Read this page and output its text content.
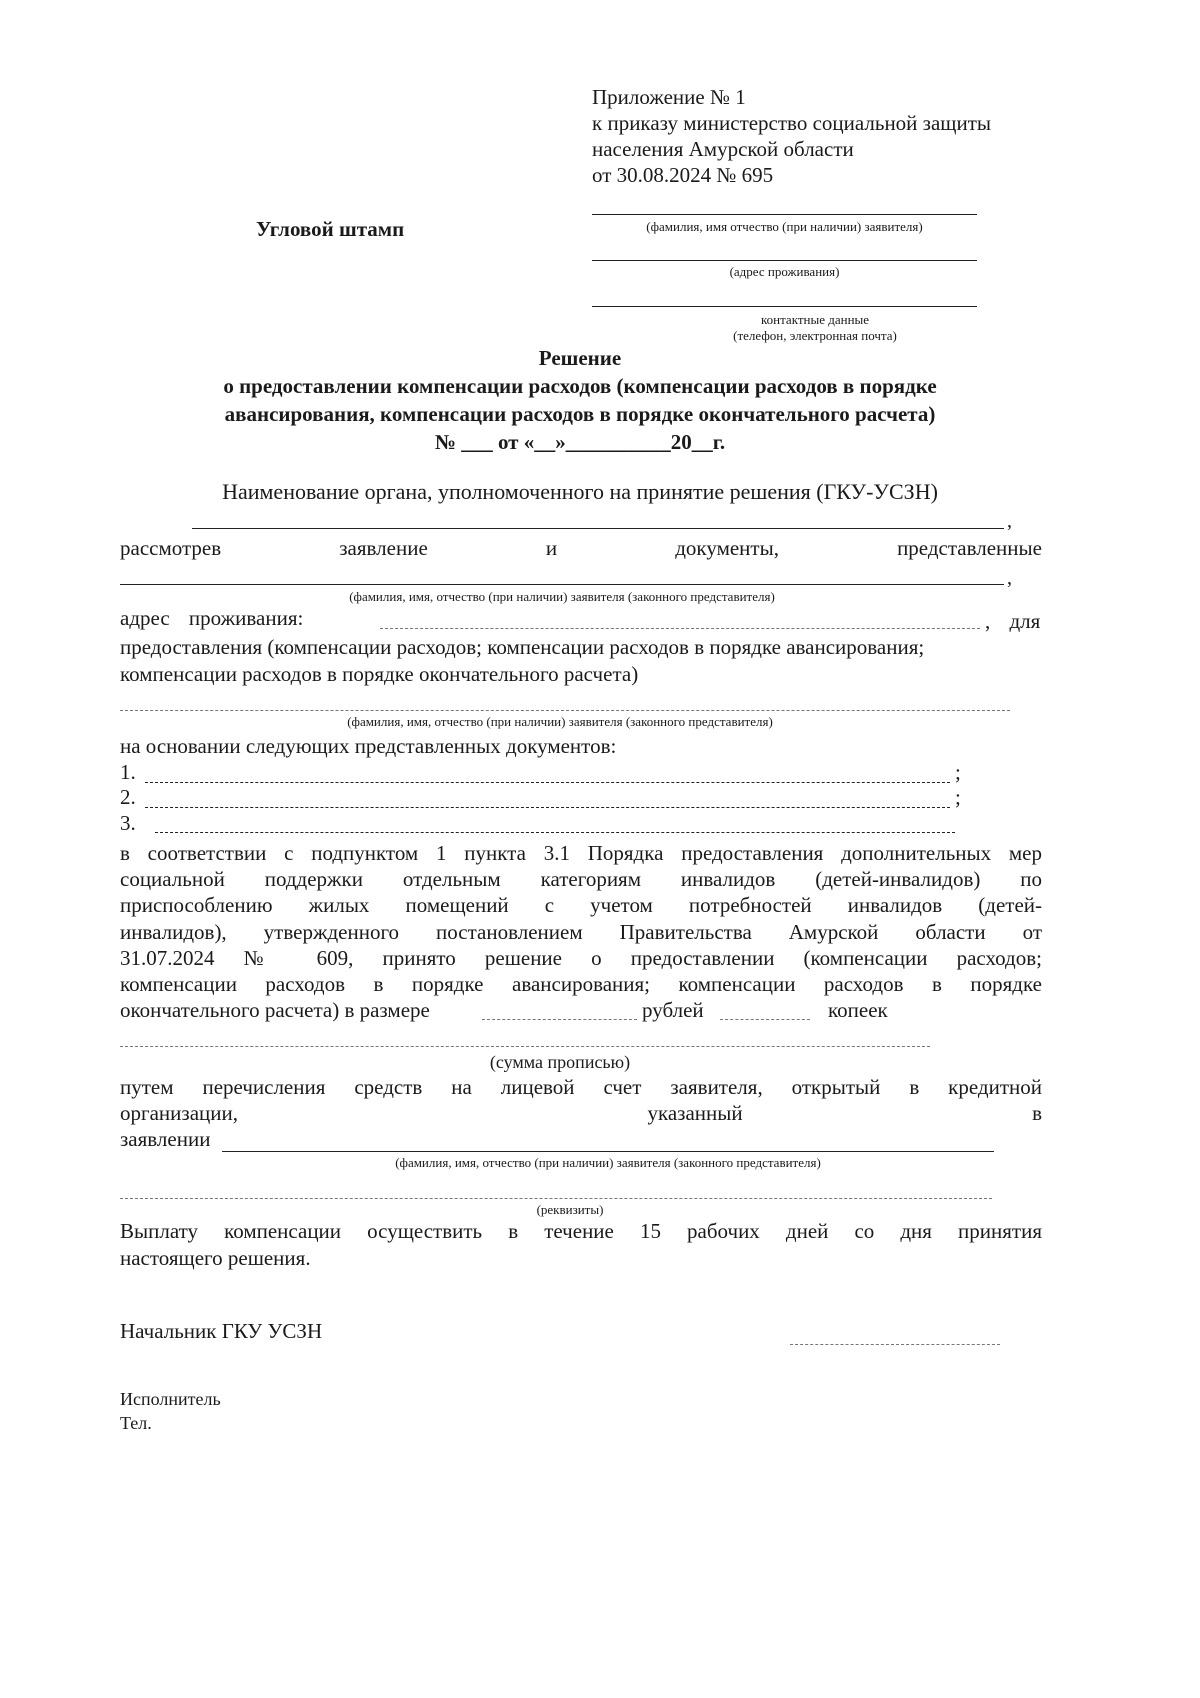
Приложение № 1
к приказу министерство социальной защиты
населения Амурской области
от 30.08.2024 № 695
Угловой штамп	(фамилия, имя отчество (при наличии) заявителя)
(адрес проживания)
контактные данные
(телефон, электронная почта)
Решение
о предоставлении компенсации расходов (компенсации расходов в порядке
авансирования, компенсации расходов в порядке окончательного расчета)
№ ___ от «__»__________20__г.
Наименование органа, уполномоченного на принятие решения (ГКУ-УСЗН)
,
рассмотрев	заявление	и	документы,	представленные
,
(фамилия, имя, отчество (при наличии) заявителя (законного представителя)
адрес проживания:	, для
предоставления (компенсации расходов; компенсации расходов в порядке авансирования;
компенсации расходов в порядке окончательного расчета)
(фамилия, имя, отчество (при наличии) заявителя (законного представителя)
на основании следующих представленных документов:
1.	;
2.	;
3.
в соответствии с подпунктом 1 пункта 3.1 Порядка предоставления дополнительных мер
социальной поддержки отдельным категориям инвалидов (детей-инвалидов) по
приспособлению жилых помещений с учетом потребностей инвалидов (детей-
инвалидов), утвержденного постановлением Правительства Амурской области от
31.07.2024 № 609, принято решение о предоставлении (компенсации расходов;
компенсации расходов в порядке авансирования; компенсации расходов в порядке
окончательного расчета) в размере	рублей	копеек
(сумма прописью)
путем перечисления средств на лицевой счет заявителя, открытый в кредитной
организации,	указанный	в
заявлении
(фамилия, имя, отчество (при наличии) заявителя (законного представителя)
(реквизиты)
Выплату компенсации осуществить в течение 15 рабочих дней со дня принятия
настоящего решения.
Начальник ГКУ УСЗН
Исполнитель
Тел.
